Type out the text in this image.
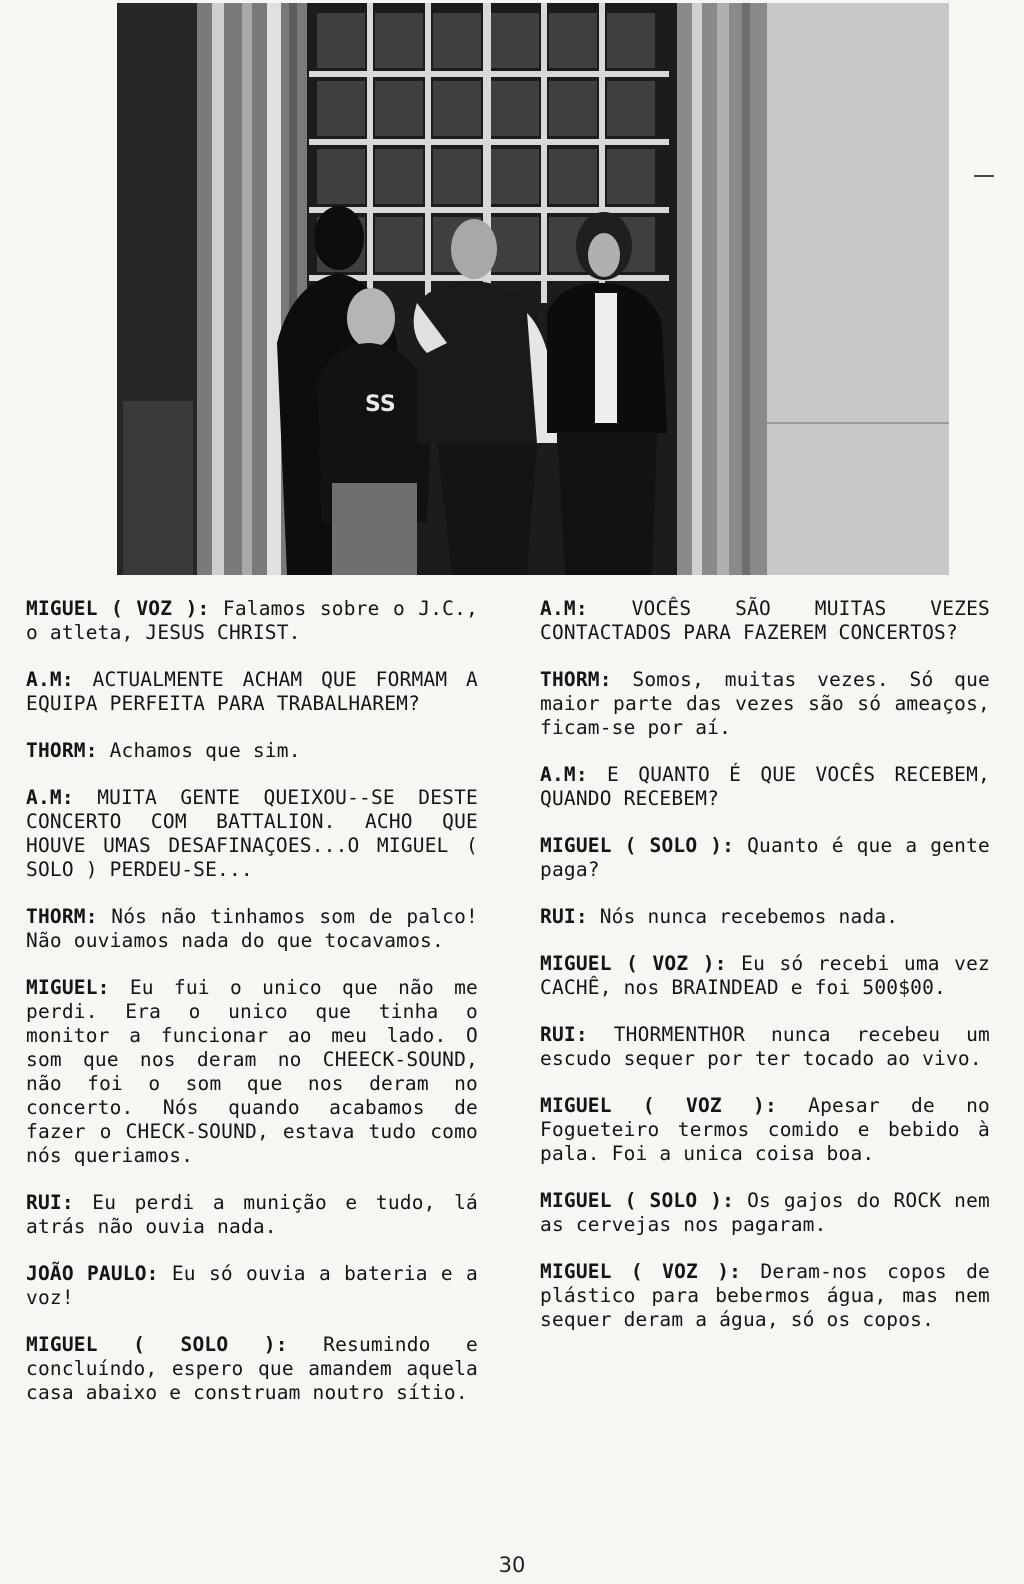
SS

MIGUEL ( VOZ ): Falamos sobre o J.C., o atleta, JESUS CHRIST.

A.M: ACTUALMENTE ACHAM QUE FORMAM A EQUIPA PERFEITA PARA TRABALHAREM?

THORM: Achamos que sim.

A.M: MUITA GENTE QUEIXOU--SE DESTE CONCERTO COM BATTALION. ACHO QUE HOUVE UMAS DESAFINAÇOES...O MIGUEL ( SOLO ) PERDEU-SE...

THORM: Nós não tinhamos som de palco! Não ouviamos nada do que tocavamos.

MIGUEL: Eu fui o unico que não me perdi. Era o unico que tinha o monitor a funcionar ao meu lado. O som que nos deram no CHEECK-SOUND, não foi o som que nos deram no concerto. Nós quando acabamos de fazer o CHECK-SOUND, estava tudo como nós queriamos.

RUI: Eu perdi a munição e tudo, lá atrás não ouvia nada.

JOÃO PAULO: Eu só ouvia a bateria e a voz!

MIGUEL ( SOLO ): Resumindo e concluíndo, espero que amandem aquela casa abaixo e construam noutro sítio.

A.M: VOCÊS SÃO MUITAS VEZES CONTACTADOS PARA FAZEREM CONCERTOS?

THORM: Somos, muitas vezes. Só que maior parte das vezes são só ameaços, ficam-se por aí.

A.M: E QUANTO É QUE VOCÊS RECEBEM, QUANDO RECEBEM?

MIGUEL ( SOLO ): Quanto é que a gente paga?

RUI: Nós nunca recebemos nada.

MIGUEL ( VOZ ): Eu só recebi uma vez CACHÊ, nos BRAINDEAD e foi 500$00.

RUI: THORMENTHOR nunca recebeu um escudo sequer por ter tocado ao vivo.

MIGUEL ( VOZ ): Apesar de no Fogueteiro termos comido e bebido à pala. Foi a unica coisa boa.

MIGUEL ( SOLO ): Os gajos do ROCK nem as cervejas nos pagaram.

MIGUEL ( VOZ ): Deram-nos copos de plástico para bebermos água, mas nem sequer deram a água, só os copos.

30
